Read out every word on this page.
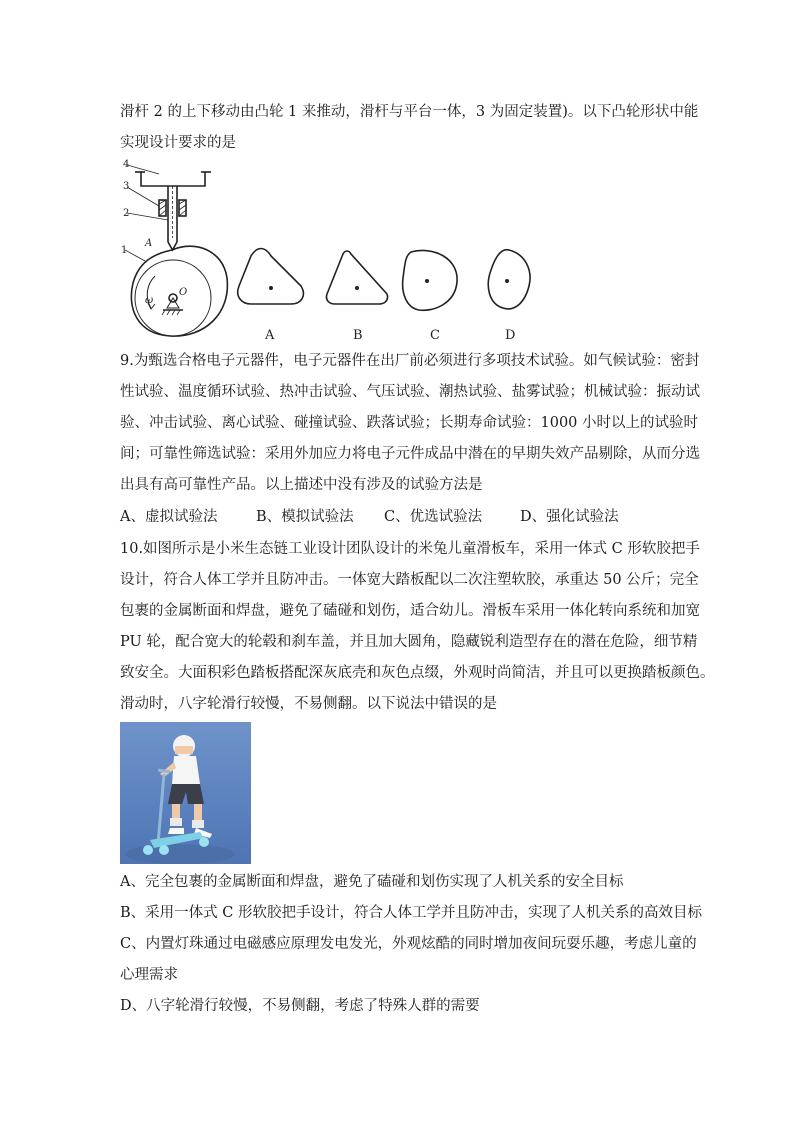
滑杆 2 的上下移动由凸轮 1 来推动，滑杆与平台一体，3 为固定装置)。以下凸轮形状中能
实现设计要求的是
4
3
2
A
1
ω
O
A	B	C	D
9.为甄选合格电子元器件，电子元器件在出厂前必须进行多项技术试验。如气候试验：密封
性试验、温度循环试验、热冲击试验、气压试验、潮热试验、盐雾试验；机械试验：振动试
验、冲击试验、离心试验、碰撞试验、跌落试验；长期寿命试验：1000 小时以上的试验时
间；可靠性筛选试验：采用外加应力将电子元件成品中潜在的早期失效产品剔除，从而分选
出具有高可靠性产品。以上描述中没有涉及的试验方法是
A、虚拟试验法	B、模拟试验法 C、优选试验法	D、强化试验法
10.如图所示是小米生态链工业设计团队设计的米兔儿童滑板车，采用一体式 C 形软胶把手
设计，符合人体工学并且防冲击。一体宽大踏板配以二次注塑软胶，承重达 50 公斤；完全
包裹的金属断面和焊盘，避免了磕碰和划伤，适合幼儿。滑板车采用一体化转向系统和加宽
PU 轮，配合宽大的轮毂和刹车盖，并且加大圆角，隐藏锐利造型存在的潜在危险，细节精
致安全。大面积彩色踏板搭配深灰底壳和灰色点缀，外观时尚简洁，并且可以更换踏板颜色。
滑动时，八字轮滑行较慢，不易侧翻。以下说法中错误的是
A、完全包裹的金属断面和焊盘，避免了磕碰和划伤实现了人机关系的安全目标
B、采用一体式 C 形软胶把手设计，符合人体工学并且防冲击，实现了人机关系的高效目标
C、内置灯珠通过电磁感应原理发电发光，外观炫酷的同时增加夜间玩耍乐趣，考虑儿童的
心理需求
D、八字轮滑行较慢，不易侧翻，考虑了特殊人群的需要
